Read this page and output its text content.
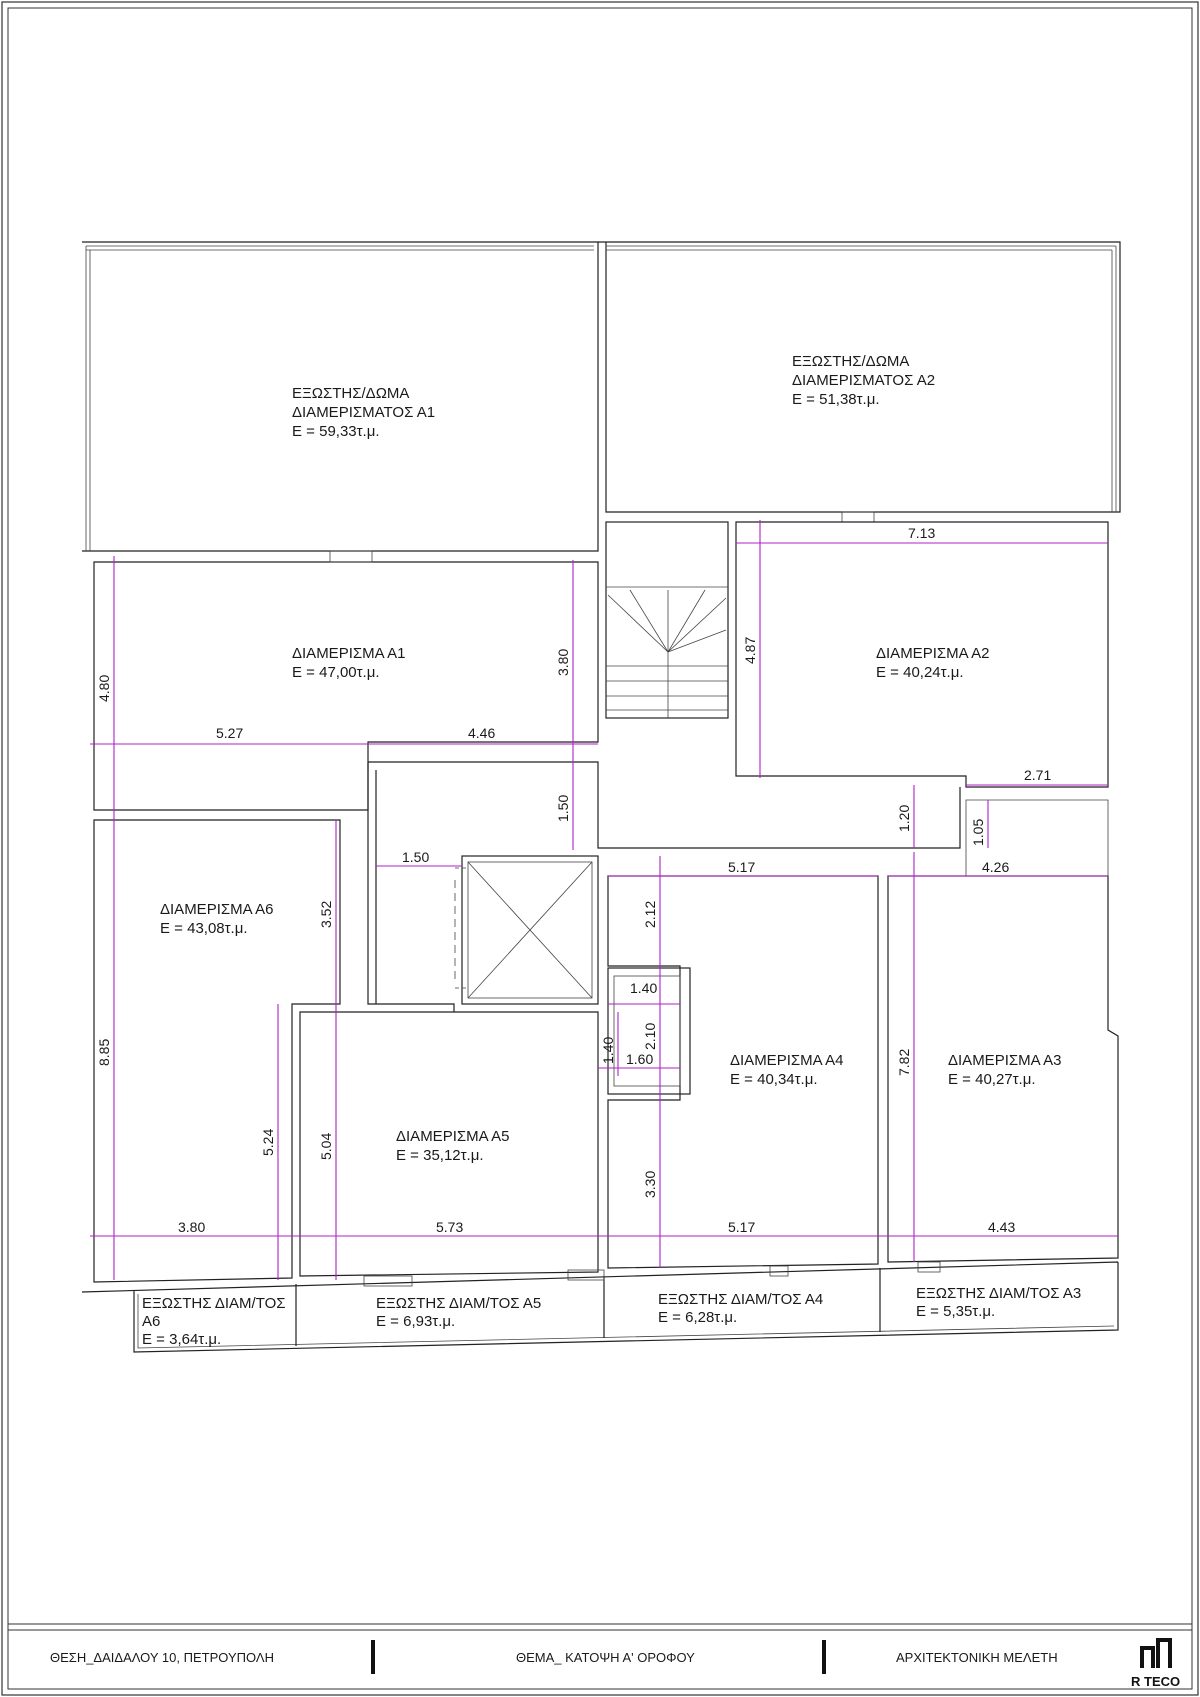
ΕΞΩΣΤΗΣ/ΔΩΜΑ
ΔΙΑΜΕΡΙΣΜΑΤΟΣ Α1
Ε = 59,33τ.μ.
ΕΞΩΣΤΗΣ/ΔΩΜΑ
ΔΙΑΜΕΡΙΣΜΑΤΟΣ Α2
Ε = 51,38τ.μ.
ΔΙΑΜΕΡΙΣΜΑ Α1
Ε = 47,00τ.μ.
ΔΙΑΜΕΡΙΣΜΑ Α2
Ε = 40,24τ.μ.
ΔΙΑΜΕΡΙΣΜΑ Α6
Ε = 43,08τ.μ.
ΔΙΑΜΕΡΙΣΜΑ Α5
Ε = 35,12τ.μ.
ΔΙΑΜΕΡΙΣΜΑ Α4
Ε = 40,34τ.μ.
ΔΙΑΜΕΡΙΣΜΑ Α3
Ε = 40,27τ.μ.
ΕΞΩΣΤΗΣ ΔΙΑΜ/ΤΟΣ
Α6
Ε = 3,64τ.μ.
ΕΞΩΣΤΗΣ ΔΙΑΜ/ΤΟΣ Α5
Ε = 6,93τ.μ.
ΕΞΩΣΤΗΣ ΔΙΑΜ/ΤΟΣ Α4
Ε = 6,28τ.μ.
ΕΞΩΣΤΗΣ ΔΙΑΜ/ΤΟΣ Α3
Ε = 5,35τ.μ.
5.27	4.46
4.80
3.80
7.13
4.87
2.71
1.50
1.50
1.20
1.05
4.26
5.17
2.12
1.40
2.10
1.60
1.40
3.30
8.85
3.52
5.24	5.04
7.82
3.80	5.73	5.17	4.43
ΘΕΣΗ_ΔΑΙΔΑΛΟΥ 10, ΠΕΤΡΟΥΠΟΛΗ	ΘΕΜΑ_ ΚΑΤΟΨΗ Α' ΟΡΟΦΟΥ	ΑΡΧΙΤΕΚΤΟΝΙΚΗ ΜΕΛΕΤΗ
R TECO
